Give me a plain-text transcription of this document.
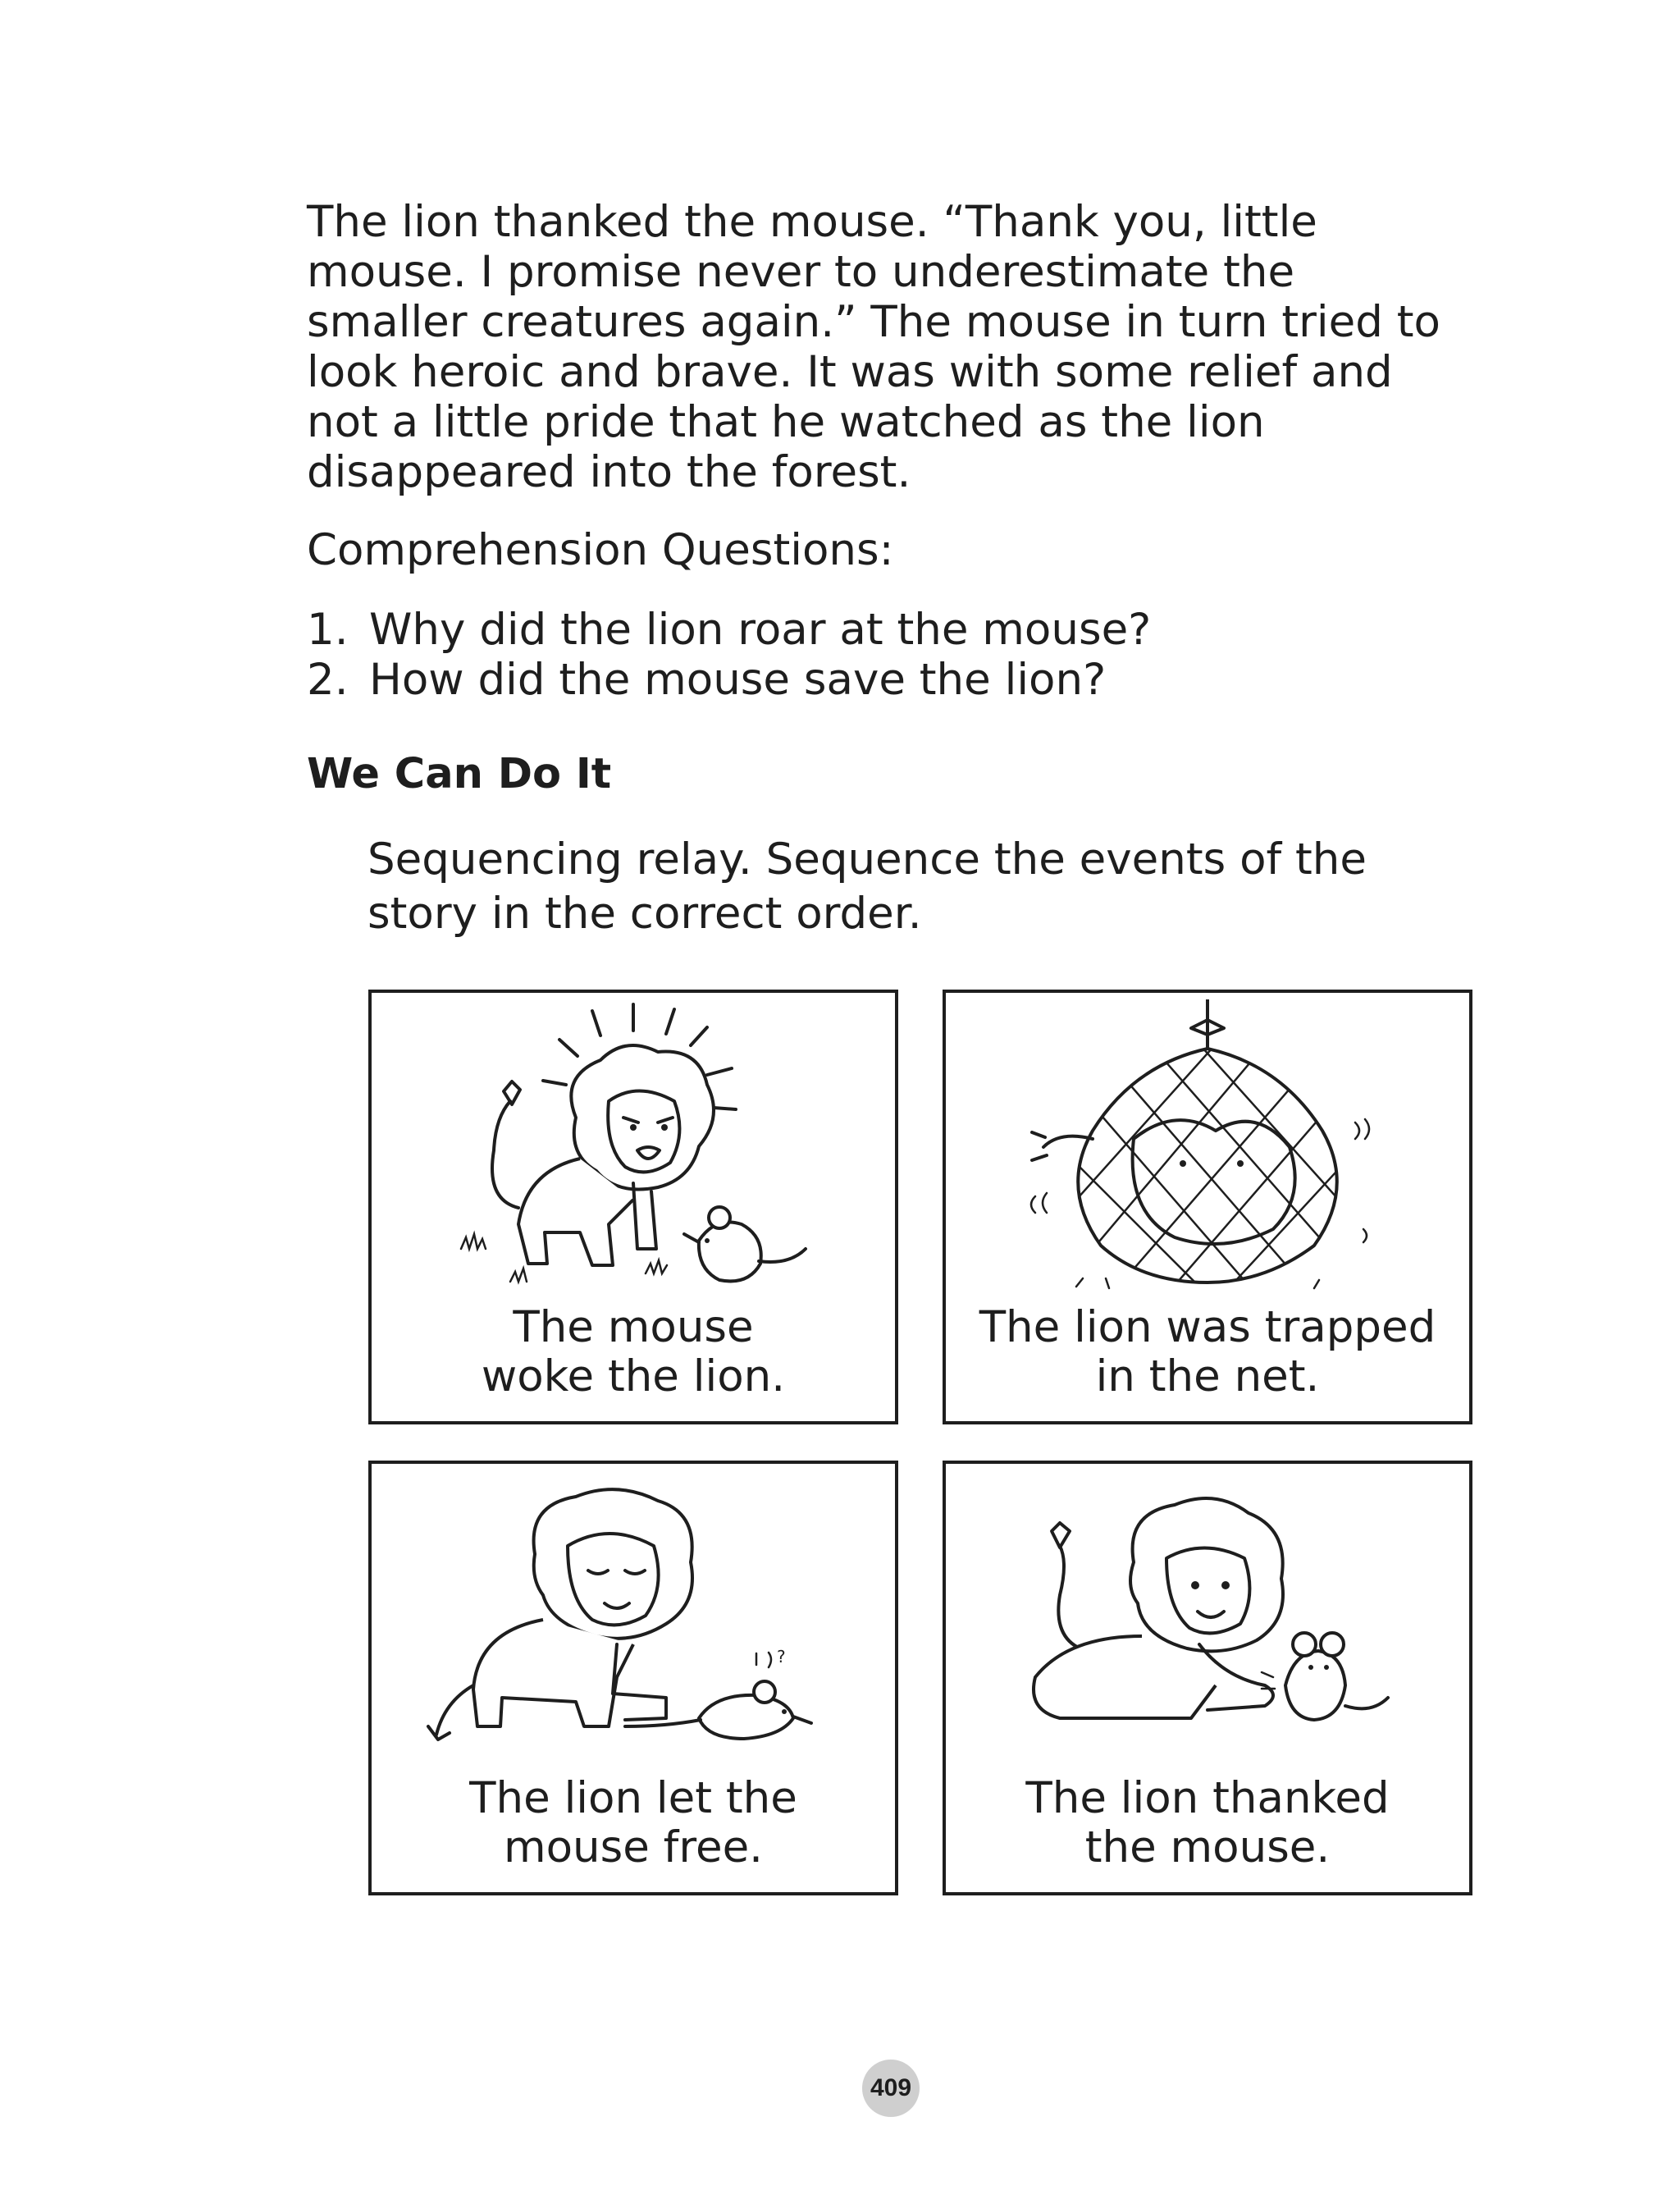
The lion thanked the mouse. “Thank you, little mouse. I promise never to underestimate the smaller creatures again.” The mouse in turn tried to look heroic and brave. It was with some relief and not a little pride that he watched as the lion disappeared into the forest.

Comprehension Questions:

1. Why did the lion roar at the mouse?
2. How did the mouse save the lion?
We Can Do It

Sequencing relay. Sequence the events of the story in the correct order.

The mouse
woke the lion.
The lion was trapped
in the net.
?
The lion let the
mouse free.
The lion thanked
the mouse.
409
